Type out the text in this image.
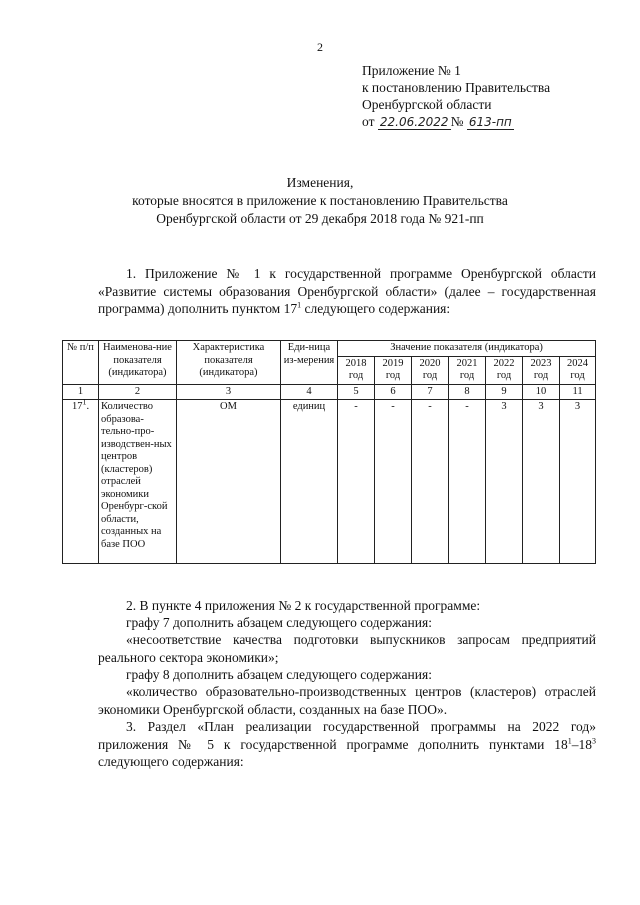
2
Приложение № 1
к постановлению Правительства
Оренбургской области
от 22.06.2022 № 613-пп
Изменения,
которые вносятся в приложение к постановлению Правительства
Оренбургской области от 29 декабря 2018 года № 921-пп
1. Приложение № 1 к государственной программе Оренбургской области «Развитие системы образования Оренбургской области» (далее – государственная программа) дополнить пунктом $17^1$ следующего содержания:
№ п/п	Наименова-ние показателя (индикатора)	Характеристика показателя (индикатора)	Еди-ница из-мерения	Значение показателя (индикатора)						
				2018 год	2019 год	2020 год	2021 год	2022 год	2023 год	2024 год
1	2	3	4	5	6	7	8	9	10	11
$17^1$.	Количество образова-тельно-про-изводствен-ных центров (кластеров) отраслей экономики Оренбург-ской области, созданных на базе ПОО	ОМ	единиц	-	-	-	-	3	3	3
2. В пункте 4 приложения № 2 к государственной программе:
графу 7 дополнить абзацем следующего содержания:
«несоответствие качества подготовки выпускников запросам предприятий реального сектора экономики»;
графу 8 дополнить абзацем следующего содержания:
«количество образовательно-производственных центров (кластеров) отраслей экономики Оренбургской области, созданных на базе ПОО».
3. Раздел «План реализации государственной программы на 2022 год» приложения № 5 к государственной программе дополнить пунктами $18^1-18^3$ следующего содержания:
